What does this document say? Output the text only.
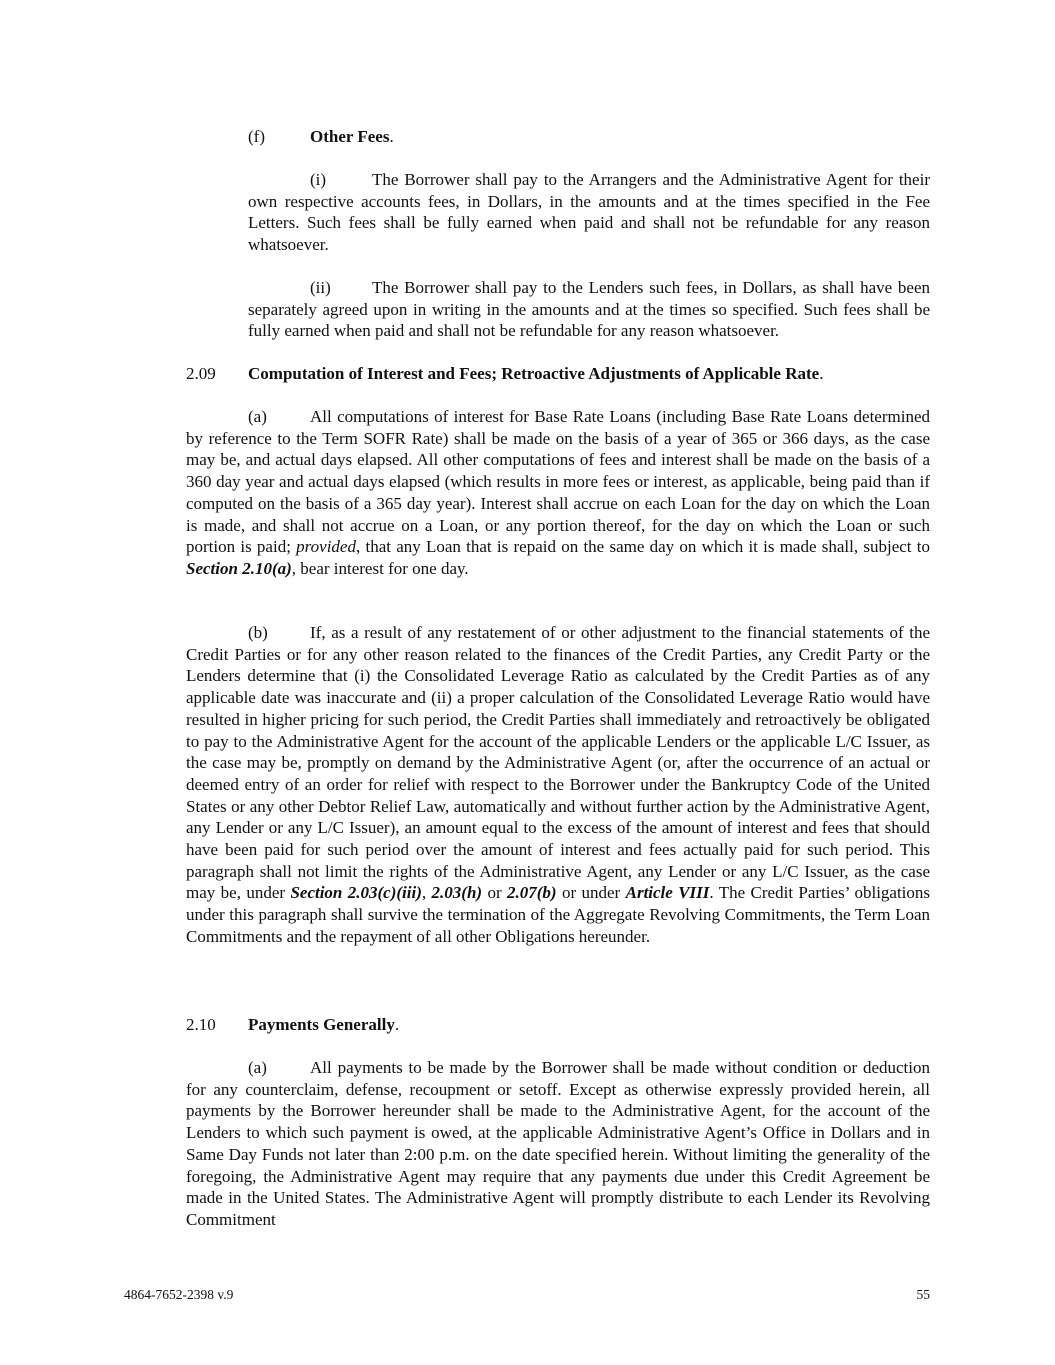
(f)	Other Fees.

(i)	The Borrower shall pay to the Arrangers and the Administrative Agent for their own respective accounts fees, in Dollars, in the amounts and at the times specified in the Fee Letters. Such fees shall be fully earned when paid and shall not be refundable for any reason whatsoever.

(ii) The Borrower shall pay to the Lenders such fees, in Dollars, as shall have been separately agreed upon in writing in the amounts and at the times so specified. Such fees shall be fully earned when paid and shall not be refundable for any reason whatsoever.

2.09 Computation of Interest and Fees; Retroactive Adjustments of Applicable Rate.

(a)	All computations of interest for Base Rate Loans (including Base Rate Loans determined by reference to the Term SOFR Rate) shall be made on the basis of a year of 365 or 366 days, as the case may be, and actual days elapsed. All other computations of fees and interest shall be made on the basis of a 360 day year and actual days elapsed (which results in more fees or interest, as applicable, being paid than if computed on the basis of a 365 day year). Interest shall accrue on each Loan for the day on which the Loan is made, and shall not accrue on a Loan, or any portion thereof, for the day on which the Loan or such portion is paid; provided, that any Loan that is repaid on the same day on which it is made shall, subject to Section 2.10(a), bear interest for one day.

(b) If, as a result of any restatement of or other adjustment to the financial statements of the Credit Parties or for any other reason related to the finances of the Credit Parties, any Credit Party or the Lenders determine that (i) the Consolidated Leverage Ratio as calculated by the Credit Parties as of any applicable date was inaccurate and (ii) a proper calculation of the Consolidated Leverage Ratio would have resulted in higher pricing for such period, the Credit Parties shall immediately and retroactively be obligated to pay to the Administrative Agent for the account of the applicable Lenders or the applicable L/C Issuer, as the case may be, promptly on demand by the Administrative Agent (or, after the occurrence of an actual or deemed entry of an order for relief with respect to the Borrower under the Bankruptcy Code of the United States or any other Debtor Relief Law, automatically and without further action by the Administrative Agent, any Lender or any L/C Issuer), an amount equal to the excess of the amount of interest and fees that should have been paid for such period over the amount of interest and fees actually paid for such period. This paragraph shall not limit the rights of the Administrative Agent, any Lender or any L/C Issuer, as the case may be, under Section 2.03(c)(iii), 2.03(h) or 2.07(b) or under Article VIII. The Credit Parties’ obligations under this paragraph shall survive the termination of the Aggregate Revolving Commitments, the Term Loan Commitments and the repayment of all other Obligations hereunder.

2.10 Payments Generally.

(a)	All payments to be made by the Borrower shall be made without condition or deduction for any counterclaim, defense, recoupment or setoff. Except as otherwise expressly provided herein, all payments by the Borrower hereunder shall be made to the Administrative Agent, for the account of the Lenders to which such payment is owed, at the applicable Administrative Agent’s Office in Dollars and in Same Day Funds not later than 2:00 p.m. on the date specified herein. Without limiting the generality of the foregoing, the Administrative Agent may require that any payments due under this Credit Agreement be made in the United States. The Administrative Agent will promptly distribute to each Lender its Revolving Commitment

4864-7652-2398 v.9	55
